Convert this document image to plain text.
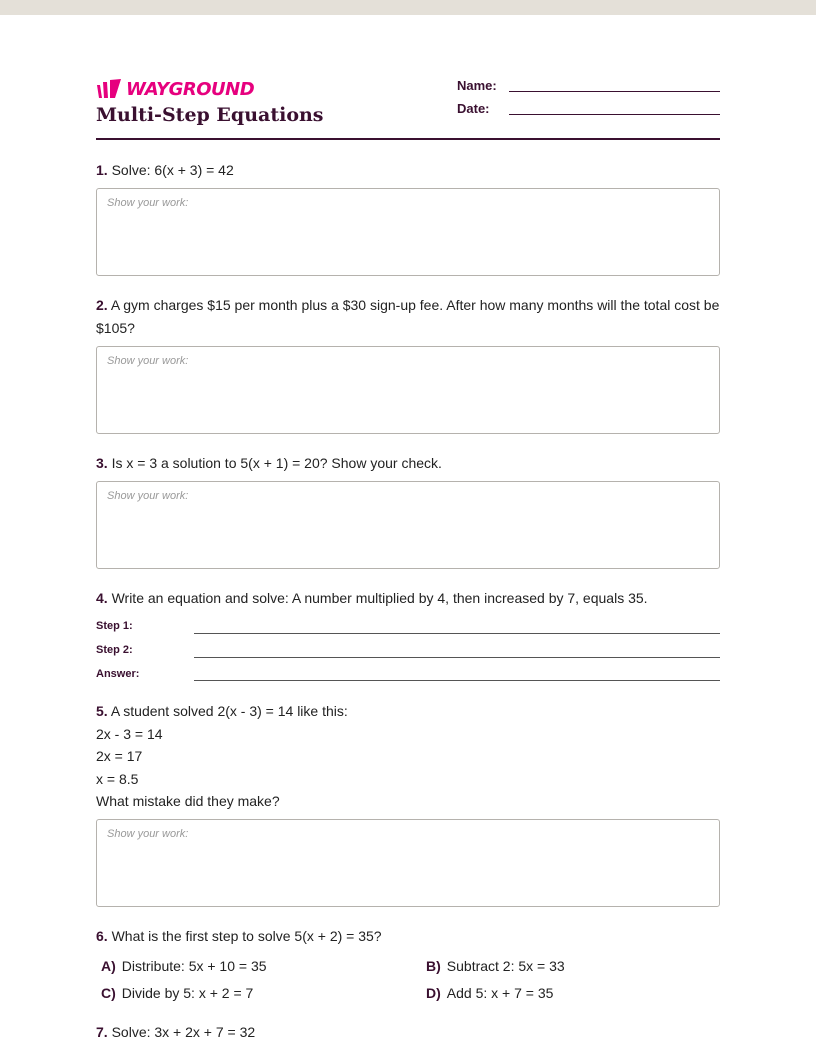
WAYGROUND
Multi-Step Equations
Name:
Date:
1. Solve: 6(x + 3) = 42
Show your work:
2. A gym charges $15 per month plus a $30 sign-up fee. After how many months will the total cost be $105?
Show your work:
3. Is x = 3 a solution to 5(x + 1) = 20? Show your check.
Show your work:
4. Write an equation and solve: A number multiplied by 4, then increased by 7, equals 35.
Step 1:
Step 2:
Answer:
5. A student solved 2(x - 3) = 14 like this:
2x - 3 = 14
2x = 17
x = 8.5
What mistake did they make?
Show your work:
6. What is the first step to solve 5(x + 2) = 35?
A) Distribute: 5x + 10 = 35	B) Subtract 2: 5x = 33
C) Divide by 5: x + 2 = 7	D) Add 5: x + 7 = 35
7. Solve: 3x + 2x + 7 = 32
